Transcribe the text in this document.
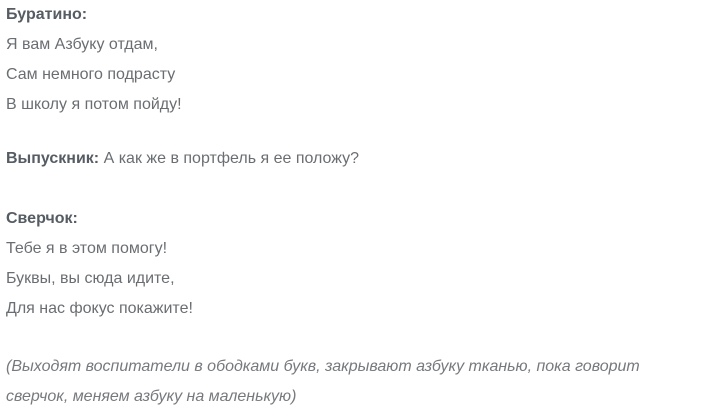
Буратино:
Я вам Азбуку отдам,
Сам немного подрасту
В школу я потом пойду!

Выпускник: А как же в портфель я ее положу?

Сверчок:
Тебе я в этом помогу!
Буквы, вы сюда идите,
Для нас фокус покажите!

(Выходят воспитатели в ободками букв, закрывают азбуку тканью, пока говорит
сверчок, меняем азбуку на маленькую)
